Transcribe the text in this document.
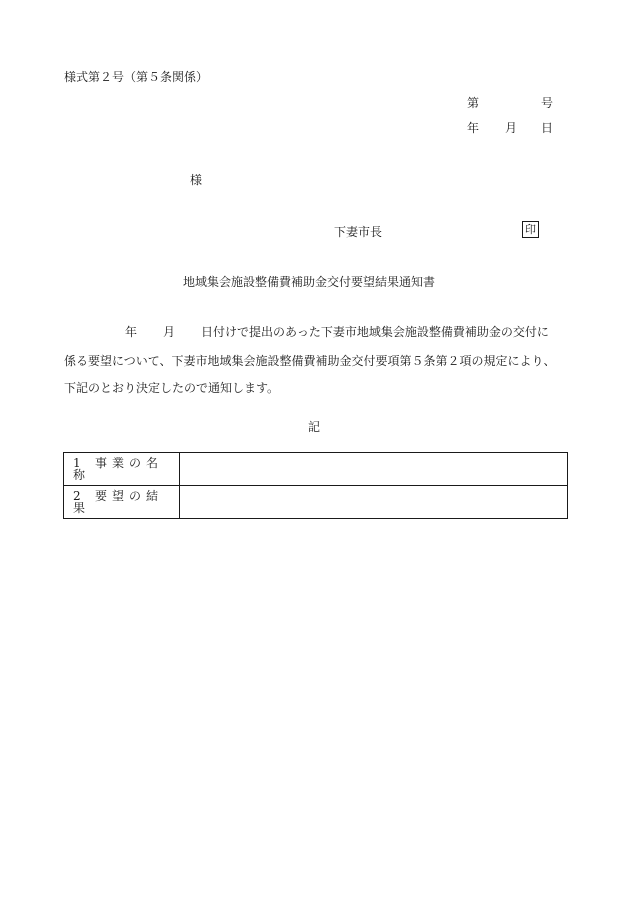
様式第２号（第５条関係）
第	号
年 月 日
様
下妻市長	印
地域集会施設整備費補助金交付要望結果通知書
年 月 日付けで提出のあった下妻市地域集会施設整備費補助金の交付に
係る要望について、下妻市地域集会施設整備費補助金交付要項第５条第２項の規定により、
下記のとおり決定したので通知します。
記
1 事業の名称	
2 要望の結果	
